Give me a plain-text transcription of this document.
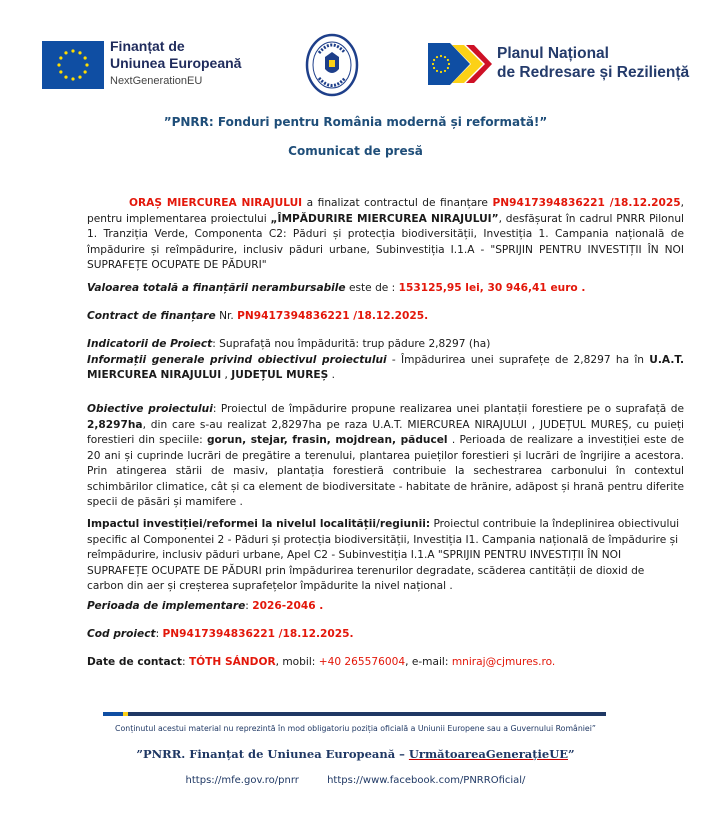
Finanțat de
Uniunea Europeană
NextGenerationEU
Planul Național
de Redresare și Reziliență
”PNRR: Fonduri pentru România modernă și reformată!”
Comunicat de presă

ORAȘ MIERCUREA NIRAJULUI a finalizat contractul de finanțare PN9417394836221 /18.12.2025, pentru implementarea proiectului „ÎMPĂDURIRE MIERCUREA NIRAJULUI”, desfășurat în cadrul PNRR Pilonul 1. Tranziția Verde, Componenta C2: Păduri și protecția biodiversității, Investiția 1. Campania națională de împădurire și reîmpădurire, inclusiv păduri urbane, Subinvestiția I.1.A - "SPRIJIN PENTRU INVESTIȚII ÎN NOI SUPRAFEȚE OCUPATE DE PĂDURI"

Valoarea totală a finanțării nerambursabile este de : 153125,95 lei, 30 946,41 euro .
Contract de finanțare Nr. PN9417394836221 /18.12.2025.

Indicatorii de Proiect: Suprafață nou împădurită: trup pădure 2,8297 (ha)

Informații generale privind obiectivul proiectului - Împădurirea unei suprafețe de 2,8297 ha în U.A.T. MIERCUREA NIRAJULUI , JUDEȚUL MUREȘ .

Obiective proiectului: Proiectul de împădurire propune realizarea unei plantații forestiere pe o suprafață de 2,8297ha, din care s-au realizat 2,8297ha pe raza U.A.T. MIERCUREA NIRAJULUI , JUDEȚUL MUREȘ, cu puieți forestieri din speciile: gorun, stejar, frasin, mojdrean, păducel . Perioada de realizare a investiției este de 20 ani și cuprinde lucrări de pregătire a terenului, plantarea puieților forestieri și lucrări de îngrijire a acestora. Prin atingerea stării de masiv, plantația forestieră contribuie la sechestrarea carbonului în contextul schimbărilor climatice, cât și ca element de biodiversitate - habitate de hrănire, adăpost și hrană pentru diferite specii de păsări și mamifere .

Impactul investiției/reformei la nivelul localității/regiunii: Proiectul contribuie la îndeplinirea obiectivului specific al Componentei 2 - Păduri și protecția biodiversității, Investiția I1. Campania națională de împădurire și reîmpădurire, inclusiv păduri urbane, Apel C2 - Subinvestiția I.1.A "SPRIJIN PENTRU INVESTIȚII ÎN NOI SUPRAFEȚE OCUPATE DE PĂDURI prin împădurirea terenurilor degradate, scăderea cantității de dioxid de carbon din aer și creșterea suprafețelor împădurite la nivel național .

Perioada de implementare: 2026-2046 .
Cod proiect: PN9417394836221 /18.12.2025.
Date de contact: TÓTH SÁNDOR, mobil: +40 265576004, e-mail: mniraj@cjmures.ro.
Conținutul acestui material nu reprezintă în mod obligatoriu poziția oficială a Uniunii Europene sau a Guvernului României”
”PNRR. Finanțat de Uniunea Europeană – UrmătoareaGenerațieUE”
https://mfe.gov.ro/pnrr	https://www.facebook.com/PNRROficial/
